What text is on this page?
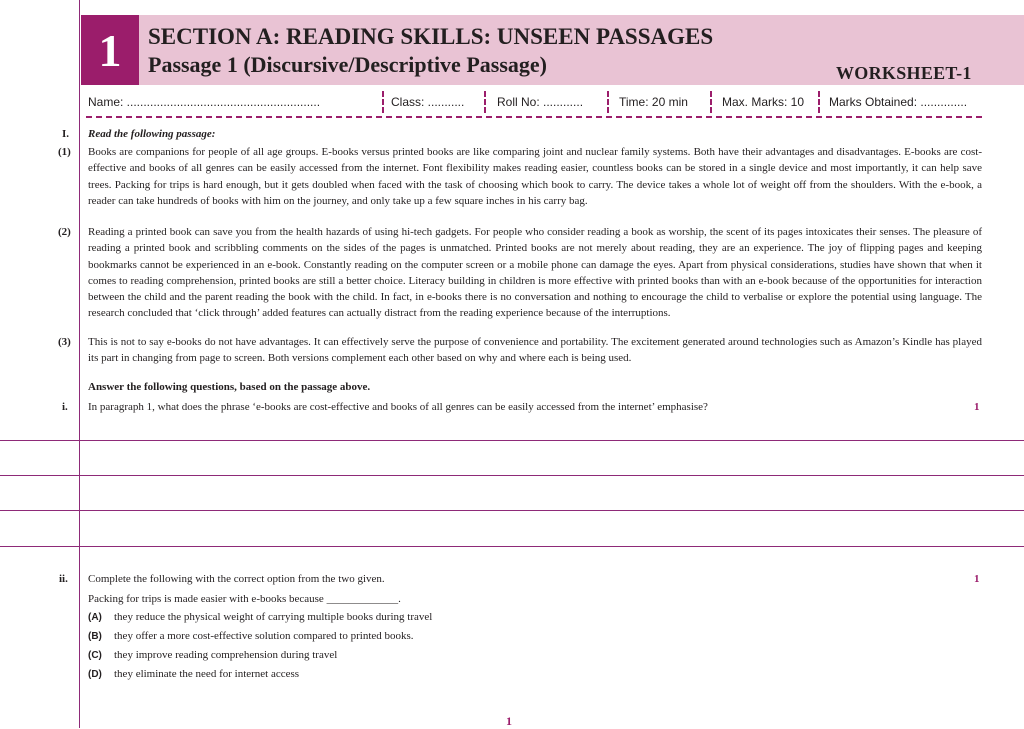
1	SECTION A: READING SKILLS: UNSEEN PASSAGES
Passage 1 (Discursive/Descriptive Passage)	WORKSHEET-1
Name: ..........................................................	Class: ...........	Roll No: ............	Time: 20 min	Max. Marks: 10 Marks Obtained: ..............
I. Read the following passage:
(1) Books are companions for people of all age groups. E-books versus printed books are like comparing joint and nuclear family systems. Both have their advantages and disadvantages. E-books are cost-effective and books of all genres can be easily accessed from the internet. Font flexibility makes reading easier, countless books can be stored in a single device and most importantly, it can help save trees. Packing for trips is hard enough, but it gets doubled when faced with the task of choosing which book to carry. The device takes a whole lot of weight off from the shoulders. With the e-book, a reader can take hundreds of books with him on the journey, and only take up a few square inches in his carry bag.

(2) Reading a printed book can save you from the health hazards of using hi-tech gadgets. For people who consider reading a book as worship, the scent of its pages intoxicates their senses. The pleasure of reading a printed book and scribbling comments on the sides of the pages is unmatched. Printed books are not merely about reading, they are an experience. The joy of flipping pages and keeping bookmarks cannot be experienced in an e-book. Constantly reading on the computer screen or a mobile phone can damage the eyes. Apart from physical considerations, studies have shown that when it comes to reading comprehension, printed books are still a better choice. Literacy building in children is more effective with printed books than with an e-book because of the opportunities for interaction between the child and the parent reading the book with the child. In fact, in e-books there is no conversation and nothing to encourage the child to verbalise or explore the potential using language. The research concluded that ‘click through’ added features can actually distract from the reading experience because of the interruptions.

(3) This is not to say e-books do not have advantages. It can effectively serve the purpose of convenience and portability. The excitement generated around technologies such as Amazon’s Kindle has played its part in changing from page to screen. Both versions complement each other based on why and where each is being used.

Answer the following questions, based on the passage above.
i. In paragraph 1, what does the phrase ‘e-books are cost-effective and books of all genres can be easily accessed from the internet’ emphasise?	1
ii. Complete the following with the correct option from the two given.	1
Packing for trips is made easier with e-books because _____________.
(A) they reduce the physical weight of carrying multiple books during travel
(B) they offer a more cost-effective solution compared to printed books.
(C) they improve reading comprehension during travel
(D) they eliminate the need for internet access
1
